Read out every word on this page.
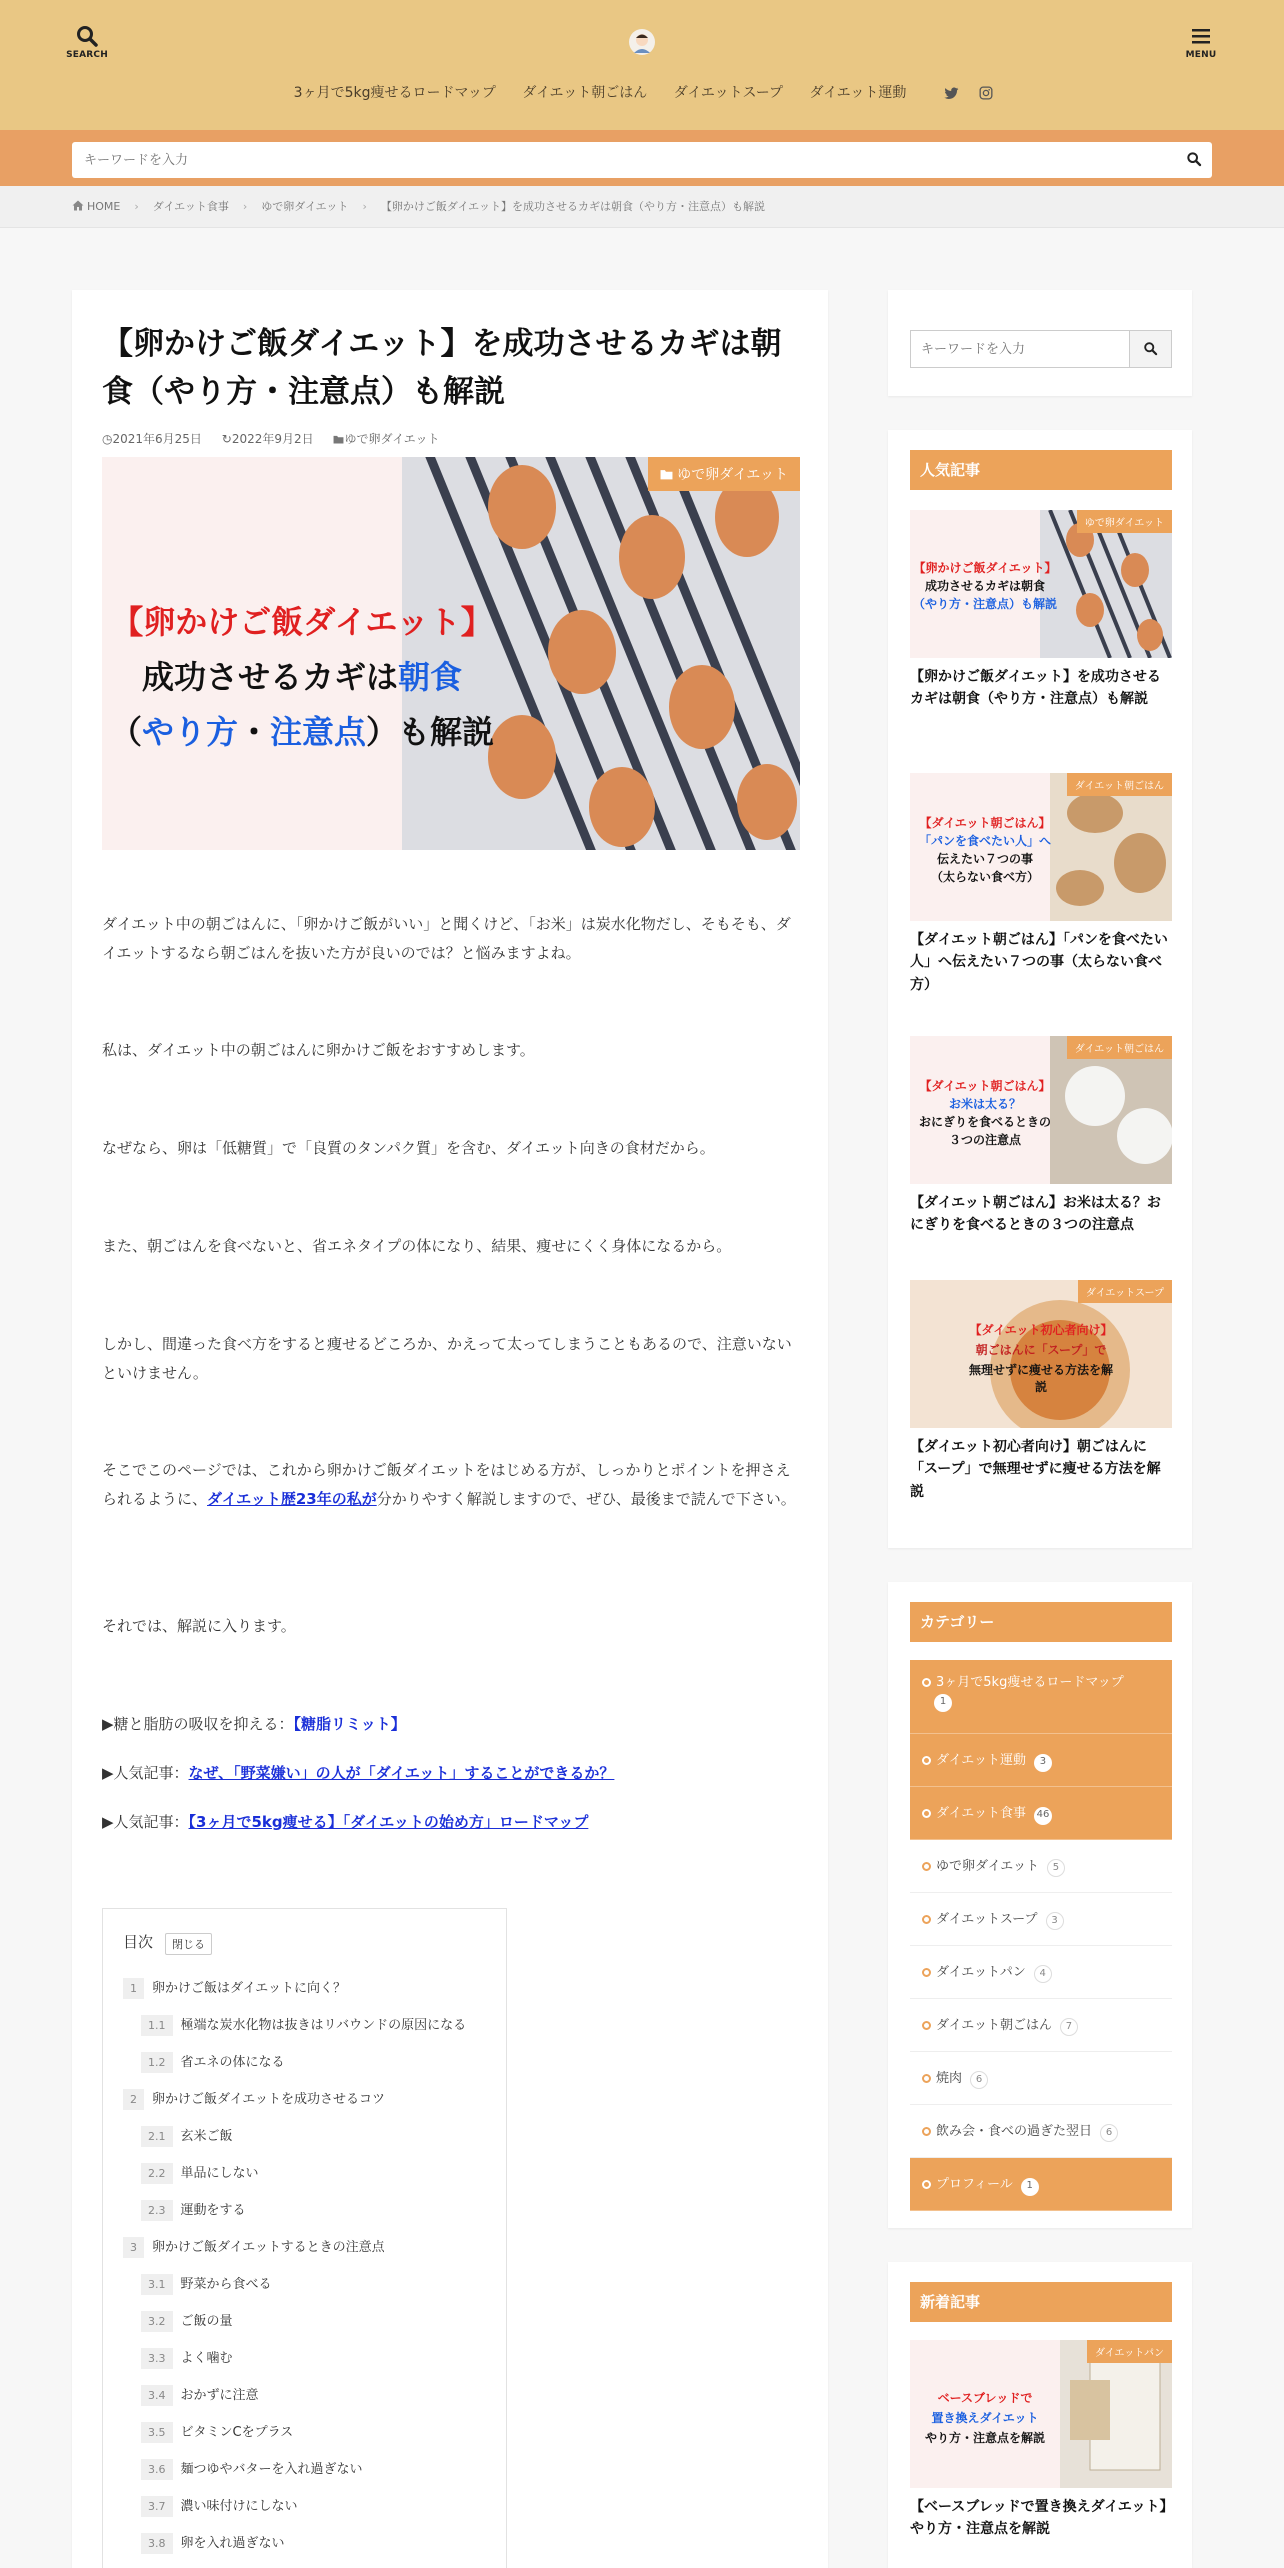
SEARCH	MENU
3ヶ月で5kg痩せるロードマップ ダイエット朝ごはん ダイエットスープ ダイエット運動
キーワードを入力
HOME › ダイエット食事 › ゆで卵ダイエット › 【卵かけご飯ダイエット】を成功させるカギは朝食（やり方・注意点）も解説
【卵かけご飯ダイエット】を成功させるカギは朝食（やり方・注意点）も解説
◷2021年6月25日 ↻2022年9月2日	ゆで卵ダイエット
ゆで卵ダイエット
【卵かけご飯ダイエット】
成功させるカギは朝食
（やり方・注意点）も解説

ダイエット中の朝ごはんに、「卵かけご飯がいい」と聞くけど、「お米」は炭水化物だし、そもそも、ダイエットするなら朝ごはんを抜いた方が良いのでは？と悩みますよね。

私は、ダイエット中の朝ごはんに卵かけご飯をおすすめします。

なぜなら、卵は「低糖質」で「良質のタンパク質」を含む、ダイエット向きの食材だから。

また、朝ごはんを食べないと、省エネタイプの体になり、結果、痩せにくく身体になるから。

しかし、間違った食べ方をすると痩せるどころか、かえって太ってしまうこともあるので、注意いないといけません。

そこでこのページでは、これから卵かけご飯ダイエットをはじめる方が、しっかりとポイントを押さえられるように、ダイエット歴23年の私が分かりやすく解説しますので、ぜひ、最後まで読んで下さい。

それでは、解説に入ります。

▶糖と脂肪の吸収を抑える：【糖脂リミット】

▶人気記事：なぜ、「野菜嫌い」の人が「ダイエット」することができるか？

▶人気記事：【3ヶ月で5kg痩せる】「ダイエットの始め方」ロードマップ

目次	閉じる
1 卵かけご飯はダイエットに向く？
1.1 極端な炭水化物は抜きはリバウンドの原因になる
1.2 省エネの体になる
2 卵かけご飯ダイエットを成功させるコツ
2.1 玄米ご飯
2.2 単品にしない
2.3 運動をする
3 卵かけご飯ダイエットするときの注意点
3.1 野菜から食べる
3.2 ご飯の量
3.3 よく噛む
3.4 おかずに注意
3.5 ビタミンCをプラス
3.6 麺つゆやバターを入れ過ぎない
3.7 濃い味付けにしない
3.8 卵を入れ過ぎない
キーワードを入力
人気記事
ゆで卵ダイエット
【卵かけご飯ダイエット】
成功させるカギは朝食
（やり方・注意点）も解説
【卵かけご飯ダイエット】を成功させるカギは朝食（やり方・注意点）も解説
ダイエット朝ごはん
【ダイエット朝ごはん】
「パンを食べたい人」へ
伝えたい７つの事
（太らない食べ方）
【ダイエット朝ごはん】「パンを食べたい人」へ伝えたい７つの事（太らない食べ方）
ダイエット朝ごはん
【ダイエット朝ごはん】
お米は太る？
おにぎりを食べるときの
３つの注意点
【ダイエット朝ごはん】お米は太る？おにぎりを食べるときの３つの注意点
ダイエットスープ
【ダイエット初心者向け】
朝ごはんに「スープ」で
無理せずに痩せる方法を解説
【ダイエット初心者向け】朝ごはんに「スープ」で無理せずに痩せる方法を解説
カテゴリー
3ヶ月で5kg痩せるロードマップ
1
ダイエット運動 3
ダイエット食事 46
ゆで卵ダイエット 5
ダイエットスープ 3
ダイエットパン 4
ダイエット朝ごはん 7
焼肉 6
飲み会・食べの過ぎた翌日 6
プロフィール 1
新着記事
ダイエットパン
ベースブレッドで
置き換えダイエット
やり方・注意点を解説
【ベースブレッドで置き換えダイエット】やり方・注意点を解説
